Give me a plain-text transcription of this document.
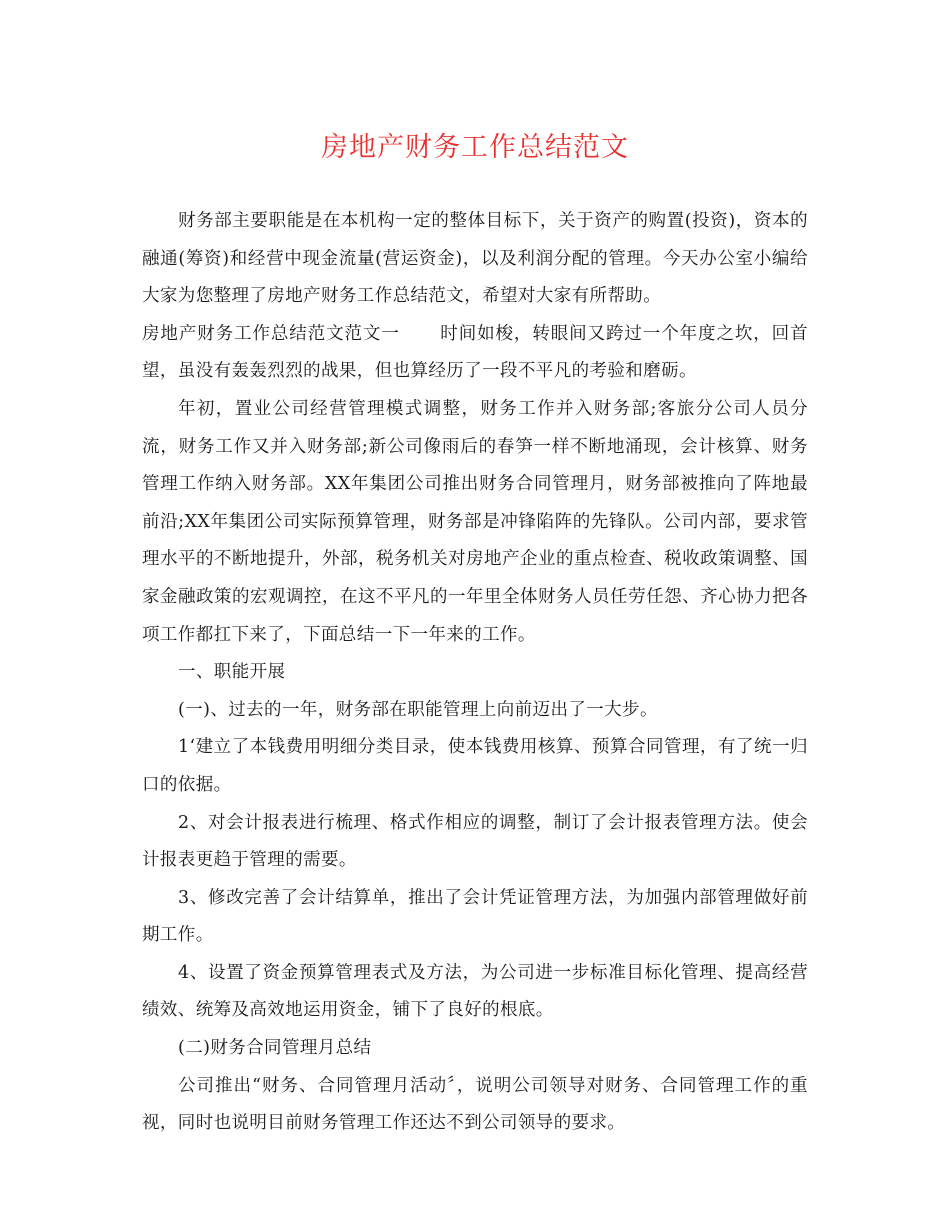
房地产财务工作总结范文

财务部主要职能是在本机构一定的整体目标下，关于资产的购置(投资)，资本的融通(筹资)和经营中现金流量(营运资金)，以及利润分配的管理。今天办公室小编给大家为您整理了房地产财务工作总结范文，希望对大家有所帮助。

房地产财务工作总结范文范文一 时间如梭，转眼间又跨过一个年度之坎，回首望，虽没有轰轰烈烈的战果，但也算经历了一段不平凡的考验和磨砺。

年初，置业公司经营管理模式调整，财务工作并入财务部;客旅分公司人员分流，财务工作又并入财务部;新公司像雨后的春笋一样不断地涌现，会计核算、财务管理工作纳入财务部。XX年集团公司推出财务合同管理月，财务部被推向了阵地最前沿;XX年集团公司实际预算管理，财务部是冲锋陷阵的先锋队。公司内部，要求管理水平的不断地提升，外部，税务机关对房地产企业的重点检查、税收政策调整、国家金融政策的宏观调控，在这不平凡的一年里全体财务人员任劳任怨、齐心协力把各项工作都扛下来了，下面总结一下一年来的工作。

一、职能开展

(一)、过去的一年，财务部在职能管理上向前迈出了一大步。

1‘建立了本钱费用明细分类目录，使本钱费用核算、预算合同管理，有了统一归口的依据。

2、对会计报表进行梳理、格式作相应的调整，制订了会计报表管理方法。使会计报表更趋于管理的需要。

3、修改完善了会计结算单，推出了会计凭证管理方法，为加强内部管理做好前期工作。

4、设置了资金预算管理表式及方法，为公司进一步标准目标化管理、提高经营绩效、统筹及高效地运用资金，铺下了良好的根底。

(二)财务合同管理月总结

公司推出“财务、合同管理月活动〞，说明公司领导对财务、合同管理工作的重视，同时也说明目前财务管理工作还达不到公司领导的要求。
